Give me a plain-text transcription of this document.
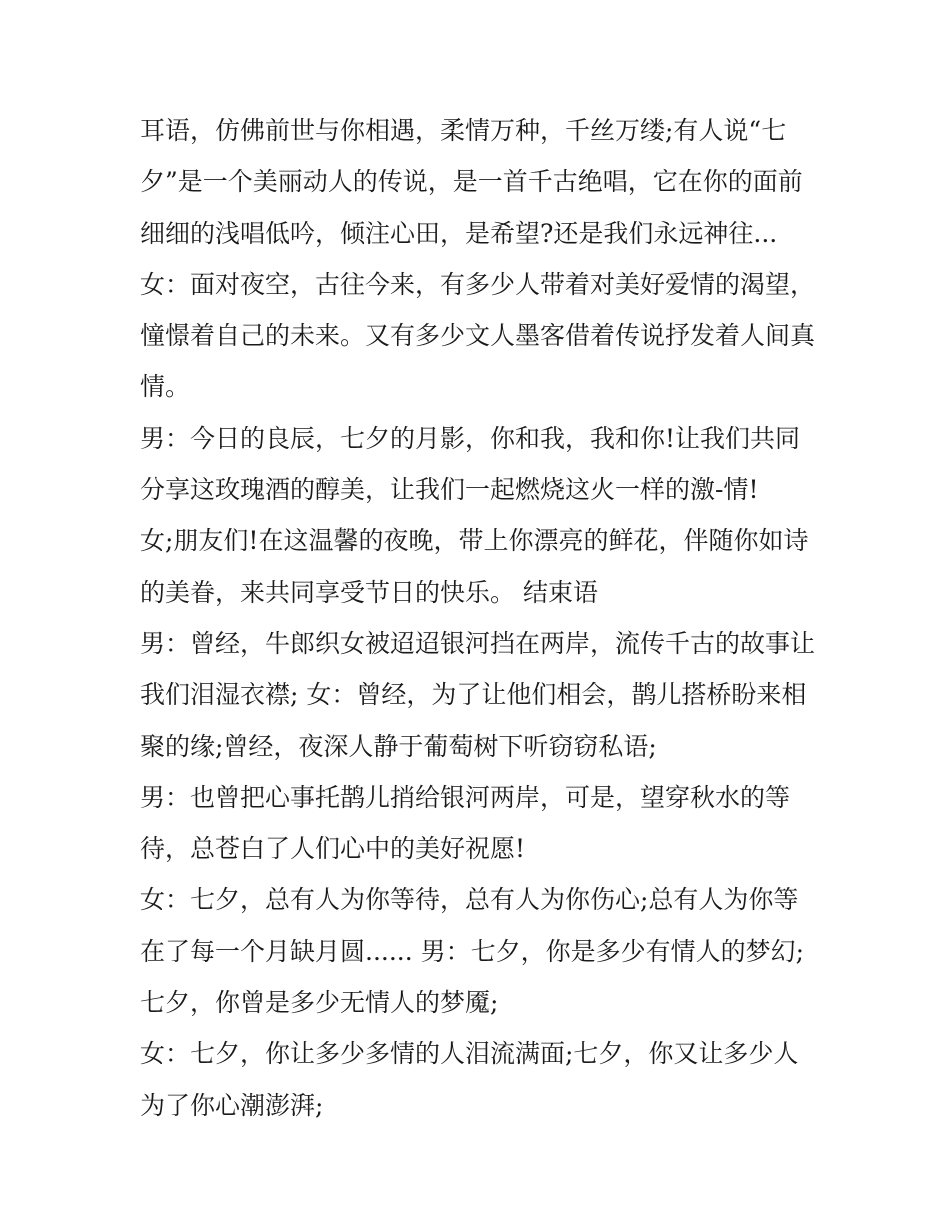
耳语，仿佛前世与你相遇，柔情万种，千丝万缕;有人说“七
夕”是一个美丽动人的传说，是一首千古绝唱，它在你的面前
细细的浅唱低吟，倾注心田，是希望?还是我们永远神往...
女：面对夜空，古往今来，有多少人带着对美好爱情的渴望，
憧憬着自己的未来。又有多少文人墨客借着传说抒发着人间真
情。
男：今日的良辰，七夕的月影，你和我，我和你!让我们共同
分享这玫瑰酒的醇美，让我们一起燃烧这火一样的激-情!
女;朋友们!在这温馨的夜晚，带上你漂亮的鲜花，伴随你如诗
的美眷，来共同享受节日的快乐。 结束语
男：曾经，牛郎织女被迢迢银河挡在两岸，流传千古的故事让
我们泪湿衣襟; 女：曾经，为了让他们相会，鹊儿搭桥盼来相
聚的缘;曾经，夜深人静于葡萄树下听窃窃私语;
男：也曾把心事托鹊儿捎给银河两岸，可是，望穿秋水的等
待，总苍白了人们心中的美好祝愿!
女：七夕，总有人为你等待，总有人为你伤心;总有人为你等
在了每一个月缺月圆...... 男：七夕，你是多少有情人的梦幻;
七夕，你曾是多少无情人的梦魇;
女：七夕，你让多少多情的人泪流满面;七夕，你又让多少人
为了你心潮澎湃;
